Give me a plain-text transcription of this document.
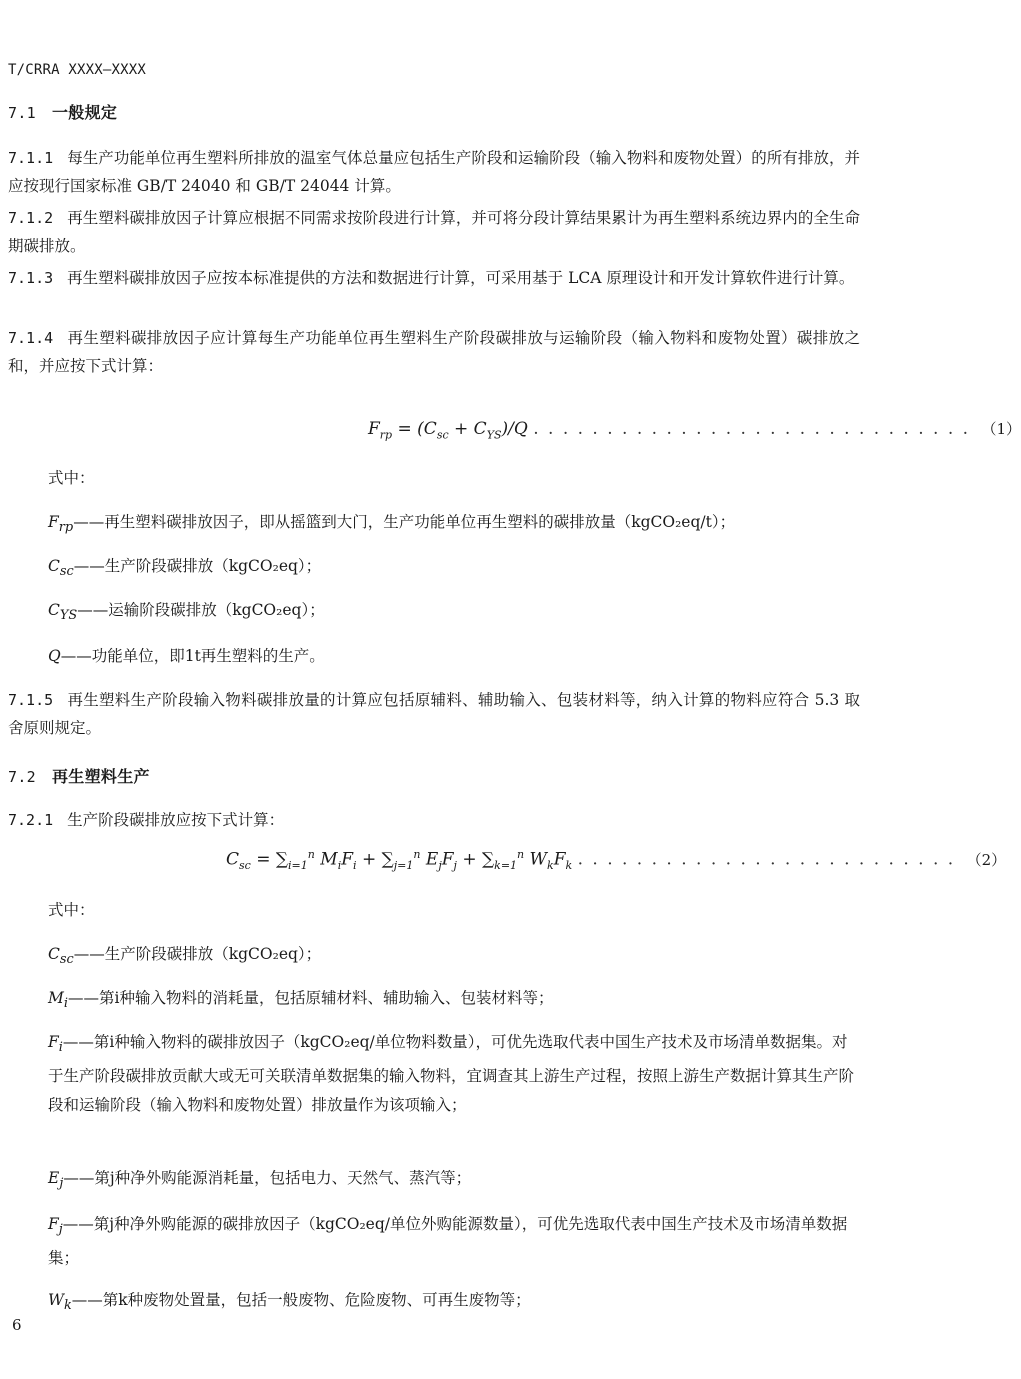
T/CRRA XXXX—XXXX
7.1 一般规定
7.1.1 每生产功能单位再生塑料所排放的温室气体总量应包括生产阶段和运输阶段（输入物料和废物处置）的所有排放，并应按现行国家标准 GB/T 24040 和 GB/T 24044 计算。
7.1.2 再生塑料碳排放因子计算应根据不同需求按阶段进行计算，并可将分段计算结果累计为再生塑料系统边界内的全生命期碳排放。
7.1.3 再生塑料碳排放因子应按本标准提供的方法和数据进行计算，可采用基于 LCA 原理设计和开发计算软件进行计算。
7.1.4 再生塑料碳排放因子应计算每生产功能单位再生塑料生产阶段碳排放与运输阶段（输入物料和废物处置）碳排放之和，并应按下式计算：
$F_{rp} = (C_{sc} + C_{YS})/Q$ . . . . . . . . . . . . . . . . . . . . . . . . . . . . . . （1）
式中：
$F_{rp}——$再生塑料碳排放因子，即从摇篮到大门，生产功能单位再生塑料的碳排放量（kgCO₂eq/t）；
$C_{sc}——$生产阶段碳排放（kgCO₂eq）；
$C_{YS}——$运输阶段碳排放（kgCO₂eq）；
Q——功能单位，即1t再生塑料的生产。
7.1.5 再生塑料生产阶段输入物料碳排放量的计算应包括原辅料、辅助输入、包装材料等，纳入计算的物料应符合 5.3 取舍原则规定。
7.2 再生塑料生产
7.2.1 生产阶段碳排放应按下式计算：
$C_{sc} = \sum_{i=1}^n$ $M_iF_i + \sum_{j=1}^n$ $E_jF_j + \sum_{k=1}^n$ $W_kF_k$ . . . . . . . . . . . . . . . . . . . . . . . . . . （2）
式中：
$C_{sc}——$生产阶段碳排放（kgCO₂eq）；
$M_i——$第i种输入物料的消耗量，包括原辅材料、辅助输入、包装材料等；
$F_i——$第i种输入物料的碳排放因子（kgCO₂eq/单位物料数量），可优先选取代表中国生产技术及市场清单数据集。对于生产阶段碳排放贡献大或无可关联清单数据集的输入物料，宜调查其上游生产过程，按照上游生产数据计算其生产阶段和运输阶段（输入物料和废物处置）排放量作为该项输入；
$E_j——$第j种净外购能源消耗量，包括电力、天然气、蒸汽等；
$F_j——$第j种净外购能源的碳排放因子（kgCO₂eq/单位外购能源数量），可优先选取代表中国生产技术及市场清单数据集；
$W_k——$第k种废物处置量，包括一般废物、危险废物、可再生废物等；
6
